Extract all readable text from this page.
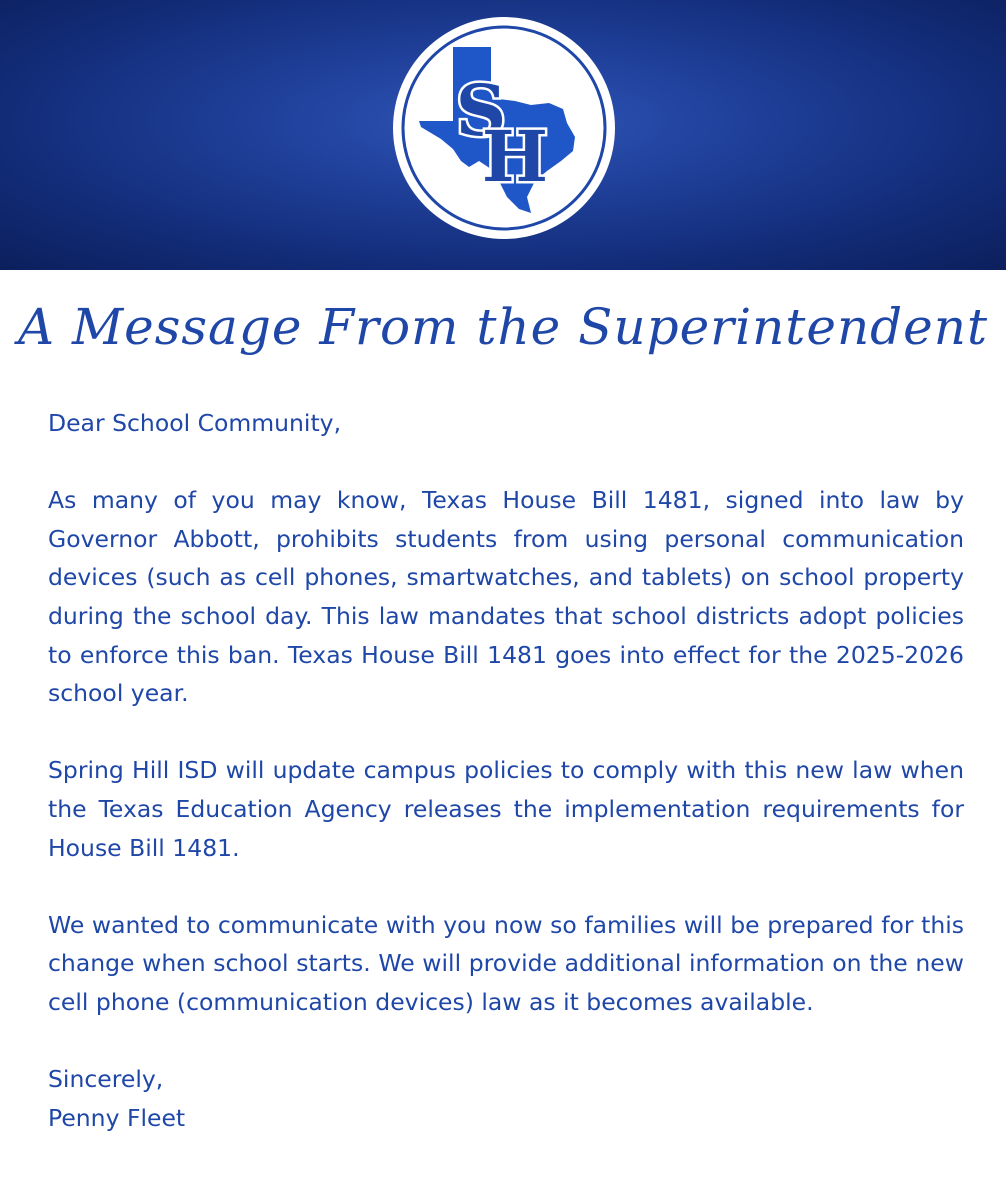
S
H
A Message From the Superintendent

Dear School Community,

As many of you may know, Texas House Bill 1481, signed into law by Governor Abbott, prohibits students from using personal communication devices (such as cell phones, smartwatches, and tablets) on school property during the school day. This law mandates that school districts adopt policies to enforce this ban. Texas House Bill 1481 goes into effect for the 2025-2026 school year.

Spring Hill ISD will update campus policies to comply with this new law when the Texas Education Agency releases the implementation requirements for House Bill 1481.

We wanted to communicate with you now so families will be prepared for this change when school starts. We will provide additional information on the new cell phone (communication devices) law as it becomes available.

Sincerely,

Penny Fleet
